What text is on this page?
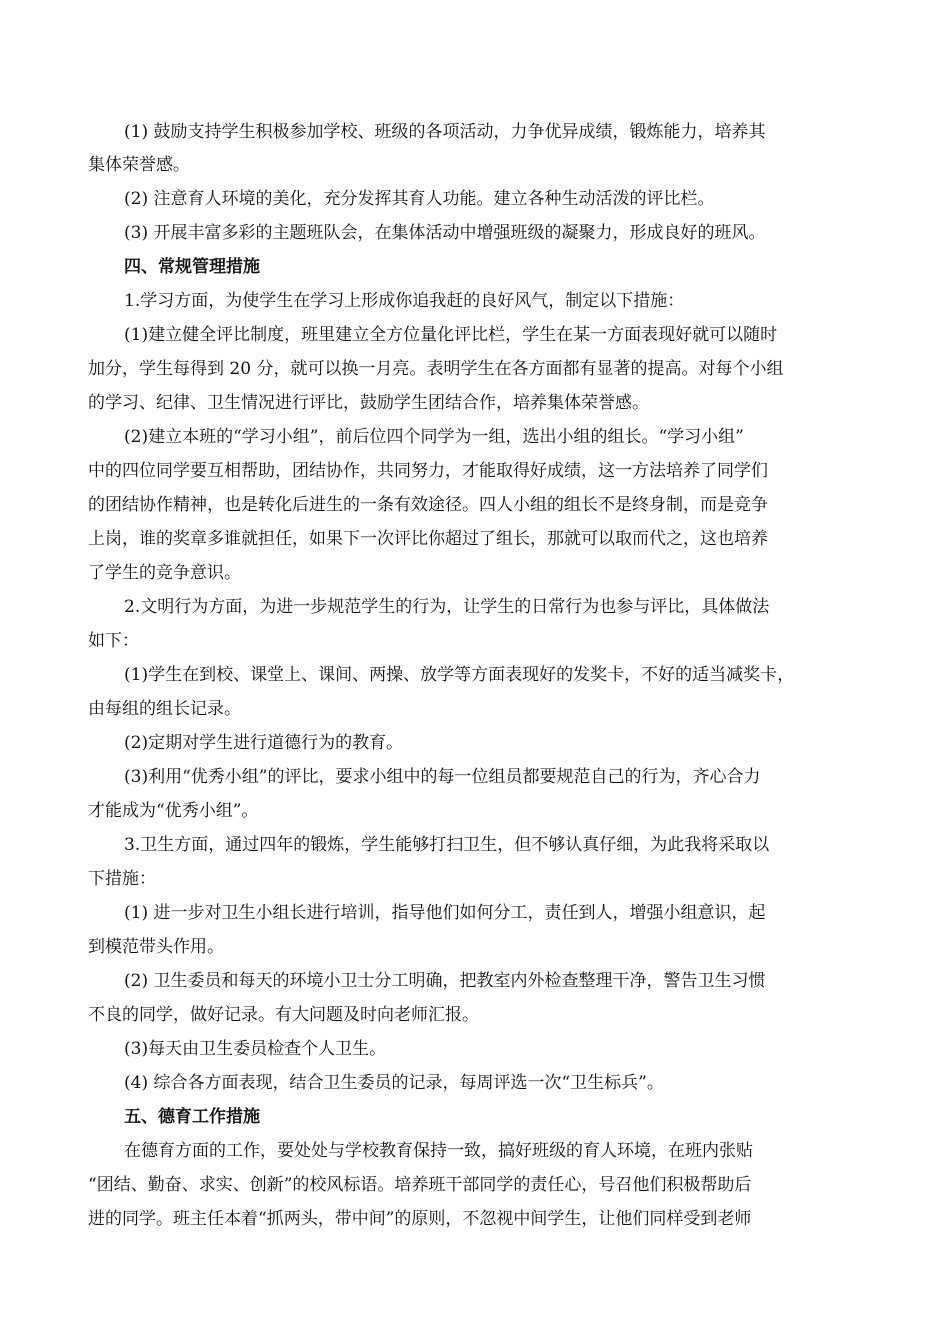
(1) 鼓励支持学生积极参加学校、班级的各项活动，力争优异成绩，锻炼能力，培养其
集体荣誉感。
(2) 注意育人环境的美化，充分发挥其育人功能。建立各种生动活泼的评比栏。
(3) 开展丰富多彩的主题班队会，在集体活动中增强班级的凝聚力，形成良好的班风。
四、常规管理措施
1.学习方面，为使学生在学习上形成你追我赶的良好风气，制定以下措施：
(1)建立健全评比制度，班里建立全方位量化评比栏，学生在某一方面表现好就可以随时
加分，学生每得到 20 分，就可以换一月亮。表明学生在各方面都有显著的提高。对每个小组
的学习、纪律、卫生情况进行评比，鼓励学生团结合作，培养集体荣誉感。
(2)建立本班的“学习小组”，前后位四个同学为一组，选出小组的组长。“学习小组”
中的四位同学要互相帮助，团结协作，共同努力，才能取得好成绩，这一方法培养了同学们
的团结协作精神，也是转化后进生的一条有效途径。四人小组的组长不是终身制，而是竞争
上岗，谁的奖章多谁就担任，如果下一次评比你超过了组长，那就可以取而代之，这也培养
了学生的竞争意识。
2.文明行为方面，为进一步规范学生的行为，让学生的日常行为也参与评比，具体做法
如下：
(1)学生在到校、课堂上、课间、两操、放学等方面表现好的发奖卡，不好的适当减奖卡，
由每组的组长记录。
(2)定期对学生进行道德行为的教育。
(3)利用“优秀小组”的评比，要求小组中的每一位组员都要规范自己的行为，齐心合力
才能成为“优秀小组”。
3.卫生方面，通过四年的锻炼，学生能够打扫卫生，但不够认真仔细，为此我将采取以
下措施：
(1) 进一步对卫生小组长进行培训，指导他们如何分工，责任到人，增强小组意识，起
到模范带头作用。
(2) 卫生委员和每天的环境小卫士分工明确，把教室内外检查整理干净，警告卫生习惯
不良的同学，做好记录。有大问题及时向老师汇报。
(3)每天由卫生委员检查个人卫生。
(4) 综合各方面表现，结合卫生委员的记录，每周评选一次“卫生标兵”。
五、德育工作措施
在德育方面的工作，要处处与学校教育保持一致，搞好班级的育人环境，在班内张贴
“团结、勤奋、求实、创新”的校风标语。培养班干部同学的责任心，号召他们积极帮助后
进的同学。班主任本着“抓两头，带中间”的原则，不忽视中间学生，让他们同样受到老师
